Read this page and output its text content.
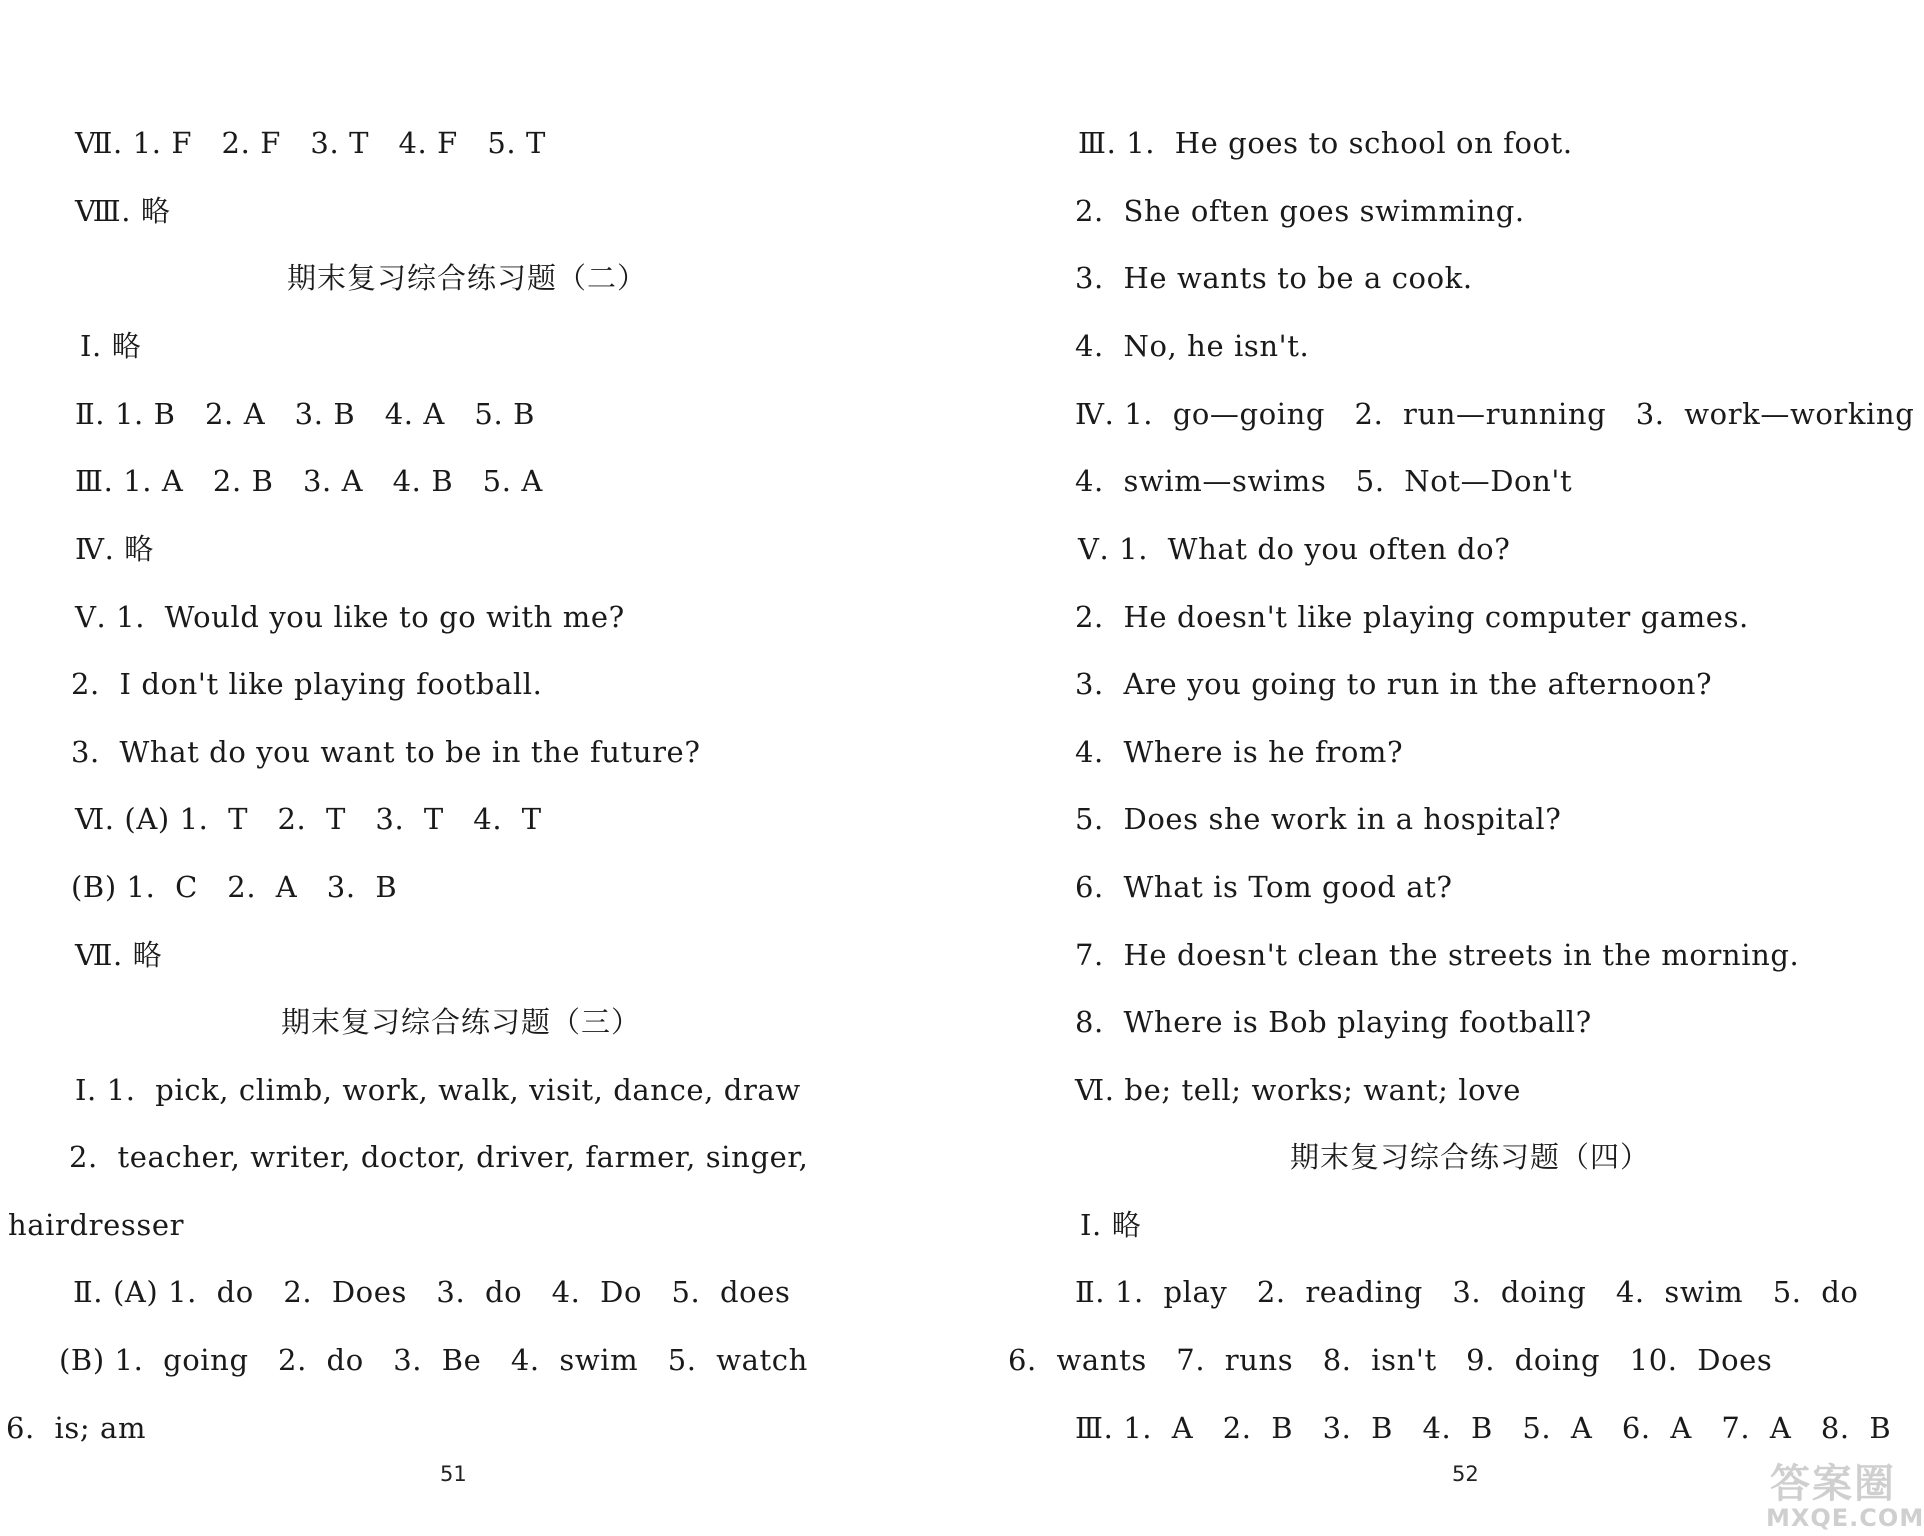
Ⅶ. 1. F   2. F   3. T   4. F   5. T
Ⅷ. 略
期末复习综合练习题（二）
Ⅰ. 略
Ⅱ. 1. B   2. A   3. B   4. A   5. B
Ⅲ. 1. A   2. B   3. A   4. B   5. A
Ⅳ. 略
Ⅴ. 1.  Would you like to go with me?
2.  I don't like playing football.
3.  What do you want to be in the future?
Ⅵ. (A) 1.  T   2.  T   3.  T   4.  T
(B) 1.  C   2.  A   3.  B
Ⅶ. 略
期末复习综合练习题（三）
Ⅰ. 1.  pick, climb, work, walk, visit, dance, draw
2.  teacher, writer, doctor, driver, farmer, singer,
hairdresser
Ⅱ. (A) 1.  do   2.  Does   3.  do   4.  Do   5.  does
(B) 1.  going   2.  do   3.  Be   4.  swim   5.  watch
6.  is; am
51
Ⅲ. 1.  He goes to school on foot.
2.  She often goes swimming.
3.  He wants to be a cook.
4.  No, he isn't.
Ⅳ. 1.  go—going   2.  run—running   3.  work—working
4.  swim—swims   5.  Not—Don't
Ⅴ. 1.  What do you often do?
2.  He doesn't like playing computer games.
3.  Are you going to run in the afternoon?
4.  Where is he from?
5.  Does she work in a hospital?
6.  What is Tom good at?
7.  He doesn't clean the streets in the morning.
8.  Where is Bob playing football?
Ⅵ. be; tell; works; want; love
期末复习综合练习题（四）
Ⅰ. 略
Ⅱ. 1.  play   2.  reading   3.  doing   4.  swim   5.  do
6.  wants   7.  runs   8.  isn't   9.  doing   10.  Does
Ⅲ. 1.  A   2.  B   3.  B   4.  B   5.  A   6.  A   7.  A   8.  B
52	答案圈
MXQE.COM
